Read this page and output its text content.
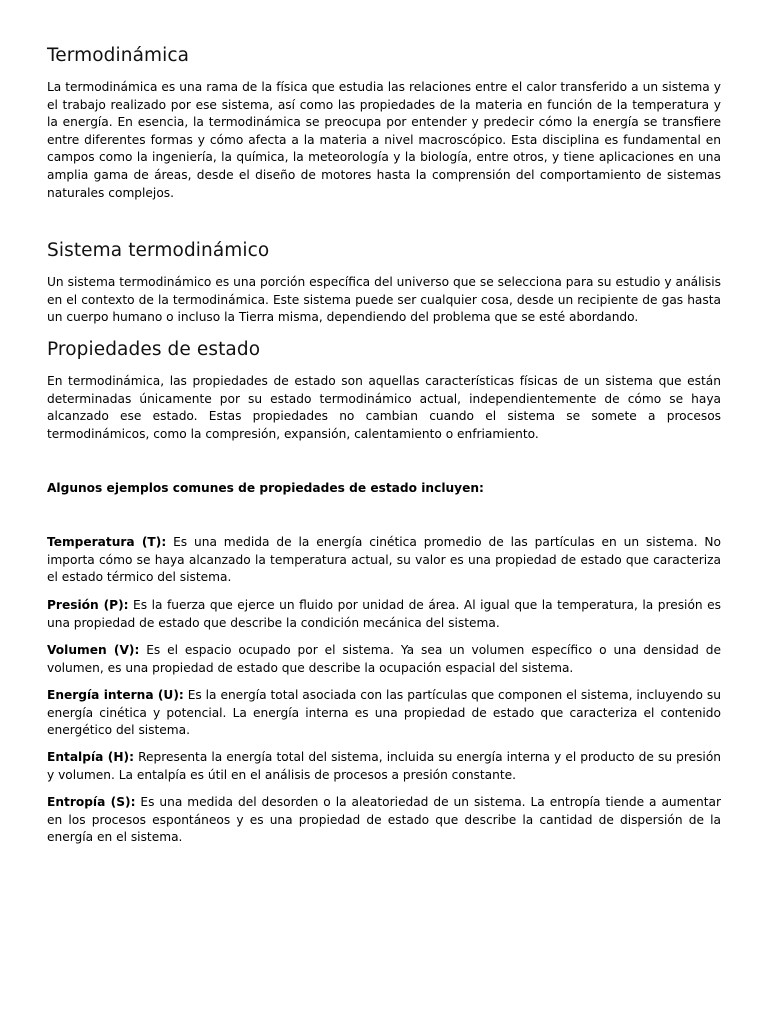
Termodinámica

La termodinámica es una rama de la física que estudia las relaciones entre el calor transferido a un sistema y el trabajo realizado por ese sistema, así como las propiedades de la materia en función de la temperatura y la energía. En esencia, la termodinámica se preocupa por entender y predecir cómo la energía se transfiere entre diferentes formas y cómo afecta a la materia a nivel macroscópico. Esta disciplina es fundamental en campos como la ingeniería, la química, la meteorología y la biología, entre otros, y tiene aplicaciones en una amplia gama de áreas, desde el diseño de motores hasta la comprensión del comportamiento de sistemas naturales complejos.

Sistema termodinámico

Un sistema termodinámico es una porción específica del universo que se selecciona para su estudio y análisis en el contexto de la termodinámica. Este sistema puede ser cualquier cosa, desde un recipiente de gas hasta un cuerpo humano o incluso la Tierra misma, dependiendo del problema que se esté abordando.

Propiedades de estado

En termodinámica, las propiedades de estado son aquellas características físicas de un sistema que están determinadas únicamente por su estado termodinámico actual, independientemente de cómo se haya alcanzado ese estado. Estas propiedades no cambian cuando el sistema se somete a procesos termodinámicos, como la compresión, expansión, calentamiento o enfriamiento.

Algunos ejemplos comunes de propiedades de estado incluyen:

Temperatura (T): Es una medida de la energía cinética promedio de las partículas en un sistema. No importa cómo se haya alcanzado la temperatura actual, su valor es una propiedad de estado que caracteriza el estado térmico del sistema.

Presión (P): Es la fuerza que ejerce un fluido por unidad de área. Al igual que la temperatura, la presión es una propiedad de estado que describe la condición mecánica del sistema.

Volumen (V): Es el espacio ocupado por el sistema. Ya sea un volumen específico o una densidad de volumen, es una propiedad de estado que describe la ocupación espacial del sistema.

Energía interna (U): Es la energía total asociada con las partículas que componen el sistema, incluyendo su energía cinética y potencial. La energía interna es una propiedad de estado que caracteriza el contenido energético del sistema.

Entalpía (H): Representa la energía total del sistema, incluida su energía interna y el producto de su presión y volumen. La entalpía es útil en el análisis de procesos a presión constante.

Entropía (S): Es una medida del desorden o la aleatoriedad de un sistema. La entropía tiende a aumentar en los procesos espontáneos y es una propiedad de estado que describe la cantidad de dispersión de la energía en el sistema.
